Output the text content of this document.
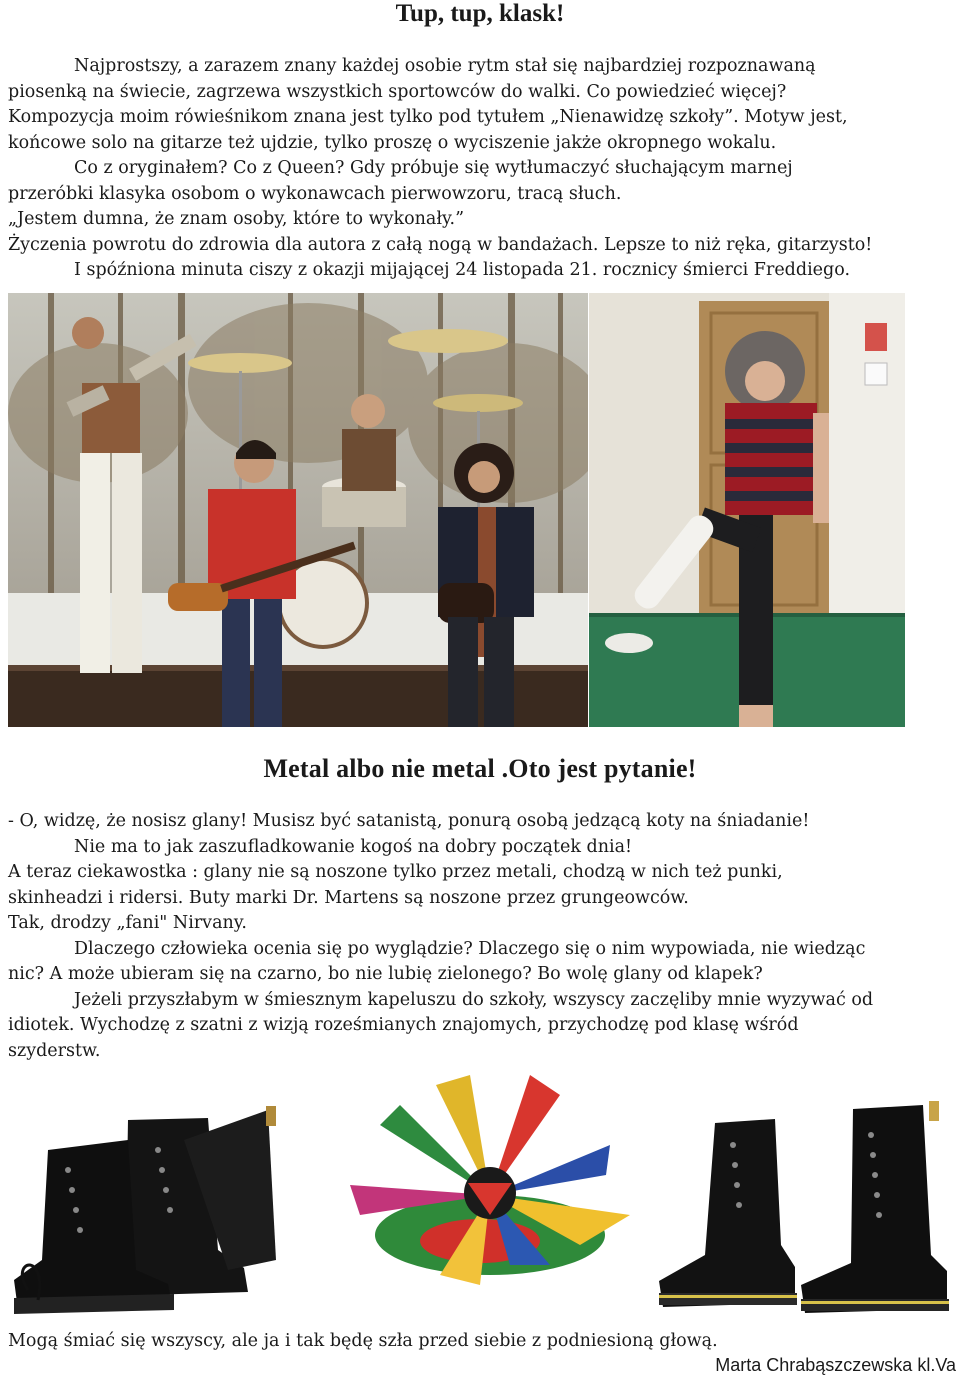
Tup, tup, klask!
Najprostszy, a zarazem znany każdej osobie rytm stał się najbardziej rozpoznawaną
piosenką na świecie, zagrzewa wszystkich sportowców do walki. Co powiedzieć więcej?
Kompozycja moim rówieśnikom znana jest tylko pod tytułem „Nienawidzę szkoły”. Motyw jest,
końcowe solo na gitarze też ujdzie, tylko proszę o wyciszenie jakże okropnego wokalu.
Co z oryginałem? Co z Queen? Gdy próbuje się wytłumaczyć słuchającym marnej
przeróbki klasyka osobom o wykonawcach pierwowzoru, tracą słuch.
„Jestem dumna, że znam osoby, które to wykonały.”
Życzenia powrotu do zdrowia dla autora z całą nogą w bandażach. Lepsze to niż ręka, gitarzysto!
I spóźniona minuta ciszy z okazji mijającej 24 listopada 21. rocznicy śmierci Freddiego.
Metal albo nie metal .Oto jest pytanie!
- O, widzę, że nosisz glany! Musisz być satanistą, ponurą osobą jedzącą koty na śniadanie!
Nie ma to jak zaszufladkowanie kogoś na dobry początek dnia!
A teraz ciekawostka : glany nie są noszone tylko przez metali, chodzą w nich też punki,
skinheadzi i ridersi. Buty marki Dr. Martens są noszone przez grungeowców.
Tak, drodzy „fani" Nirvany.
Dlaczego człowieka ocenia się po wyglądzie? Dlaczego się o nim wypowiada, nie wiedząc
nic? A może ubieram się na czarno, bo nie lubię zielonego? Bo wolę glany od klapek?
Jeżeli przyszłabym w śmiesznym kapeluszu do szkoły, wszyscy zaczęliby mnie wyzywać od
idiotek. Wychodzę z szatni z wizją roześmianych znajomych, przychodzę pod klasę wśród
szyderstw.
Mogą śmiać się wszyscy, ale ja i tak będę szła przed siebie z podniesioną głową.
Marta Chrabąszczewska kl.Va
